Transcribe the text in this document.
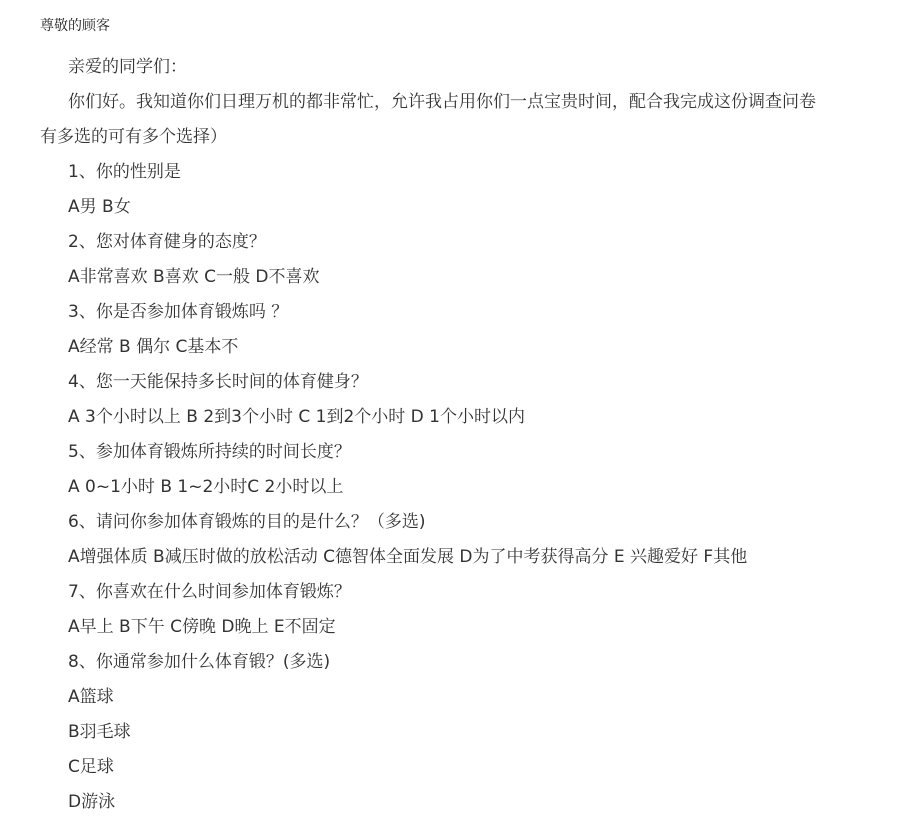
尊敬的顾客
亲爱的同学们：
你们好。我知道你们日理万机的都非常忙，允许我占用你们一点宝贵时间，配合我完成这份调查问卷
有多选的可有多个选择）
1、你的性别是
A男 B女
2、您对体育健身的态度？
A非常喜欢 B喜欢 C一般 D不喜欢
3、你是否参加体育锻炼吗 ？
A经常 B 偶尔 C基本不
4、您一天能保持多长时间的体育健身？
A 3个小时以上 B 2到3个小时 C 1到2个小时 D 1个小时以内
5、参加体育锻炼所持续的时间长度？
A 0~1小时 B 1~2小时C 2小时以上
6、请问你参加体育锻炼的目的是什么？（多选)
A增强体质 B减压时做的放松活动 C德智体全面发展 D为了中考获得高分 E 兴趣爱好 F其他
7、你喜欢在什么时间参加体育锻炼？
A早上 B下午 C傍晚 D晚上 E不固定
8、你通常参加什么体育锻？(多选)
A篮球
B羽毛球
C足球
D游泳
